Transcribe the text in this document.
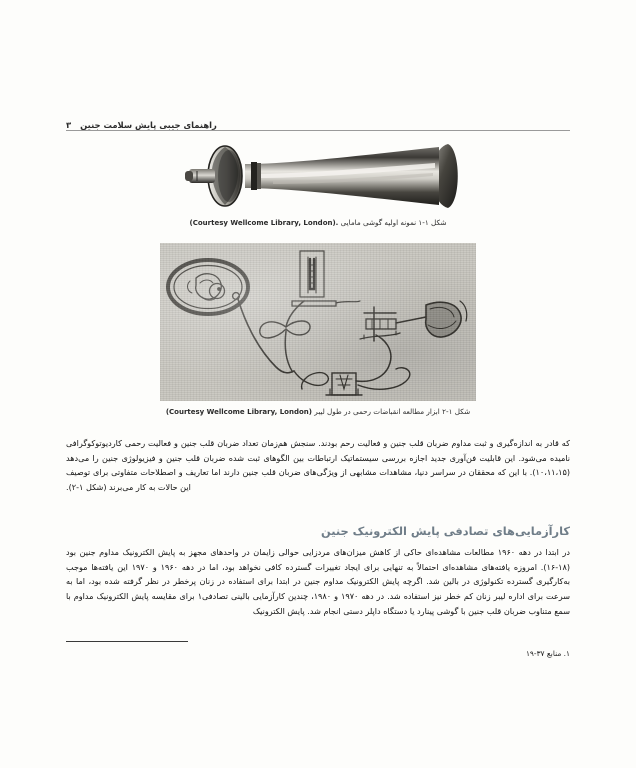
۳ راهنمای جیبی پایش سلامت جنین
شکل ۱-۱ نمونه اولیه گوشی مامایی (Courtesy Wellcome Library, London).
شکل ۱-۲ ابزار مطالعه انقباضات رحمی در طول لیبر (Courtesy Wellcome Library, London)

که قادر به اندازه‌گیری و ثبت مداوم ضربان قلب جنین و فعالیت رحم بودند. سنجش هم‌زمان تعداد ضربان قلب جنین و فعالیت رحمی کاردیوتوکوگرافی نامیده می‌شود. این قابلیت فن‌آوری جدید اجازه بررسی سیستماتیک ارتباطات بین الگوهای ثبت شده ضربان قلب جنین و فیزیولوژی جنین را می‌دهد (۱۰،۱۱،۱۵). با این که محققان در سراسر دنیا، مشاهدات مشابهی از ویژگی‌های ضربان قلب جنین دارند اما تعاریف و اصطلاحات متفاوتی برای توصیف این حالات به کار می‌برند (شکل ۱-۲).

کارآزمایی‌های تصادفی پایش الکترونیک جنین

در ابتدا در دهه ۱۹۶۰ مطالعات مشاهده‌ای حاکی از کاهش میزان‌های مردزایی حوالی زایمان در واحدهای مجهز به پایش الکترونیک مداوم جنین بود (۱۸-۱۶). امروزه یافته‌های مشاهده‌ای احتمالاً به تنهایی برای ایجاد تغییرات گسترده کافی نخواهد بود، اما در دهه ۱۹۶۰ و ۱۹۷۰ این یافته‌ها موجب به‌کارگیری گسترده تکنولوژی در بالین شد. اگرچه پایش الکترونیک مداوم جنین در ابتدا برای استفاده در زنان پرخطر در نظر گرفته شده بود، اما به سرعت برای اداره لیبر زنان کم خطر نیز استفاده شد. در دهه ۱۹۷۰ و ۱۹۸۰، چندین کارآزمایی بالینی تصادفی۱ برای مقایسه پایش الکترونیک مداوم با سمع متناوب ضربان قلب جنین با گوشی پینارد یا دستگاه داپلر دستی انجام شد. پایش الکترونیک

۱. منابع ۳۷-۱۹
